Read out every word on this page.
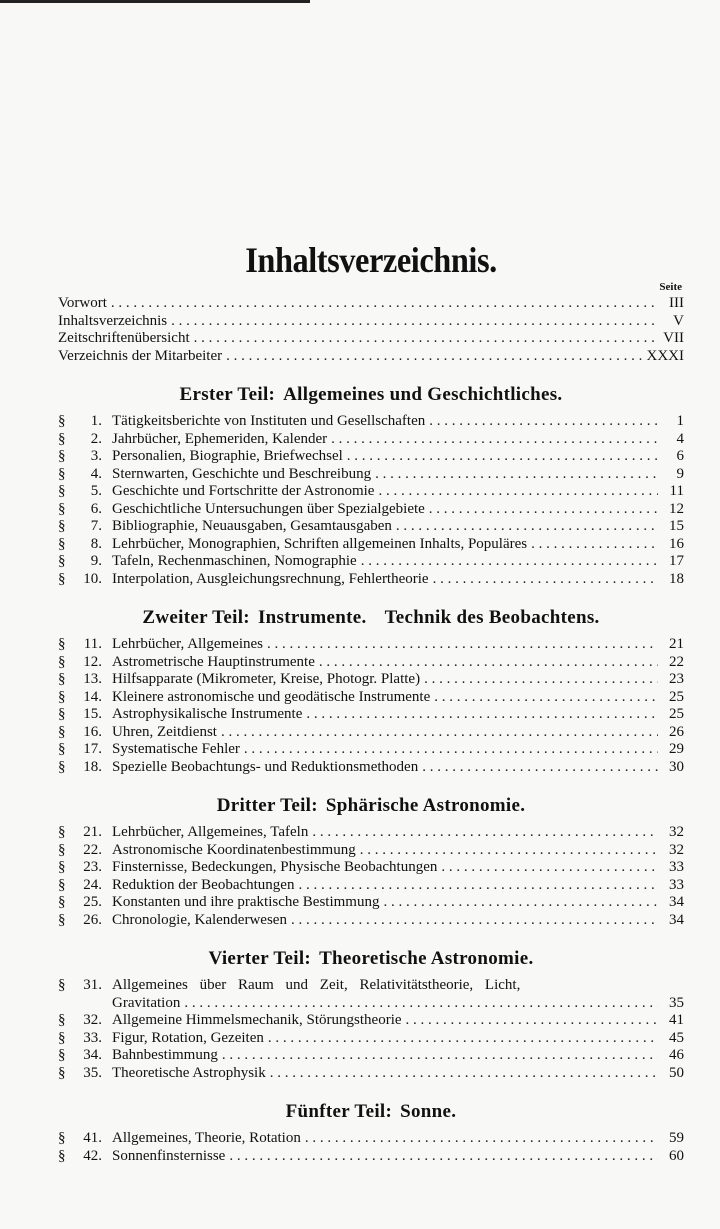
Inhaltsverzeichnis.
Seite
Vorwort . . .	III
Inhaltsverzeichnis . . .	V
Zeitschriftenübersicht . . .	VII
Verzeichnis der Mitarbeiter . . .	XXXI
Erster Teil: Allgemeines und Geschichtliches.
§	1. Tätigkeitsberichte von Instituten und Gesellschaften . . .	1
§	2. Jahrbücher, Ephemeriden, Kalender . . .	4
§	3. Personalien, Biographie, Briefwechsel . . .	6
§	4. Sternwarten, Geschichte und Beschreibung . . .	9
§	5. Geschichte und Fortschritte der Astronomie . . .	11
§	6. Geschichtliche Untersuchungen über Spezialgebiete . . .	12
§	7. Bibliographie, Neuausgaben, Gesamtausgaben . . .	15
§	8. Lehrbücher, Monographien, Schriften allgemeinen Inhalts, Populäres . . .	16
§	9. Tafeln, Rechenmaschinen, Nomographie . . .	17
§	10. Interpolation, Ausgleichungsrechnung, Fehlertheorie . . .	18
Zweiter Teil: Instrumente. Technik des Beobachtens.
§	11. Lehrbücher, Allgemeines . . .	21
§	12. Astrometrische Hauptinstrumente . . .	22
§	13. Hilfsapparate (Mikrometer, Kreise, Photogr. Platte) . . .	23
§	14. Kleinere astronomische und geodätische Instrumente . . .	25
§	15. Astrophysikalische Instrumente . . .	25
§	16. Uhren, Zeitdienst . . .	26
§	17. Systematische Fehler . . .	29
§	18. Spezielle Beobachtungs- und Reduktionsmethoden . . .	30
Dritter Teil: Sphärische Astronomie.
§	21. Lehrbücher, Allgemeines, Tafeln . . .	32
§	22. Astronomische Koordinatenbestimmung . . .	32
§	23. Finsternisse, Bedeckungen, Physische Beobachtungen . . .	33
§	24. Reduktion der Beobachtungen . . .	33
§	25. Konstanten und ihre praktische Bestimmung . . .	34
§	26. Chronologie, Kalenderwesen . . .	34
Vierter Teil: Theoretische Astronomie.
§	31. Allgemeines über Raum und Zeit, Relativitätstheorie, Licht,
Gravitation . . .	35
§	32. Allgemeine Himmelsmechanik, Störungstheorie . . .	41
§	33. Figur, Rotation, Gezeiten . . .	45
§	34. Bahnbestimmung . . .	46
§	35. Theoretische Astrophysik . . .	50
Fünfter Teil: Sonne.
§	41. Allgemeines, Theorie, Rotation . . .	59
§	42. Sonnenfinsternisse . . .	60
